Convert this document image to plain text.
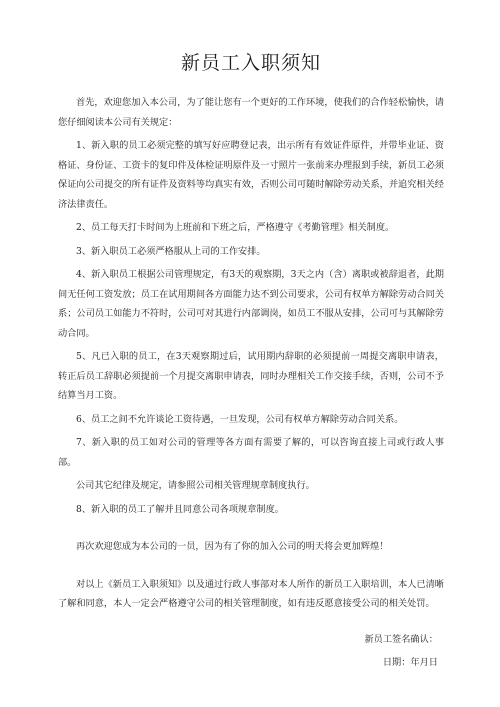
新员工入职须知

首先，欢迎您加入本公司，为了能让您有一个更好的工作环境，使我们的合作轻松愉快，请您仔细阅读本公司有关规定：

1、新入职的员工必须完整的填写好应聘登记表，出示所有有效证件原件，并带毕业证、资格证、身份证、工资卡的复印件及体检证明原件及一寸照片一张前来办理报到手续，新员工必须保证向公司提交的所有证件及资料等均真实有效，否则公司可随时解除劳动关系，并追究相关经济法律责任。

2、员工每天打卡时间为上班前和下班之后，严格遵守《考勤管理》相关制度。

3、新入职员工必须严格服从上司的工作安排。

4、新入职员工根据公司管理规定，有3天的观察期，3天之内（含）离职或被辞退者，此期间无任何工资发放；员工在试用期间各方面能力达不到公司要求，公司有权单方解除劳动合同关系；公司员工如能力不符时，公司可对其进行内部调岗，如员工不服从安排，公司可与其解除劳动合同。

5、凡已入职的员工，在3天观察期过后，试用期内辞职的必须提前一周提交离职申请表，转正后员工辞职必须提前一个月提交离职申请表，同时办理相关工作交接手续，否则，公司不予结算当月工资。

6、员工之间不允许谈论工资待遇，一旦发现，公司有权单方解除劳动合同关系。

7、新入职的员工如对公司的管理等各方面有需要了解的，可以咨询直接上司或行政人事部。

公司其它纪律及规定，请参照公司相关管理规章制度执行。

8、新入职的员工了解并且同意公司各项规章制度。

再次欢迎您成为本公司的一员，因为有了你的加入公司的明天将会更加辉煌！

对以上《新员工入职须知》以及通过行政人事部对本人所作的新员工入职培训，本人已清晰了解和同意，本人一定会严格遵守公司的相关管理制度，如有违反愿意接受公司的相关处罚。

新员工签名确认：
日期：年月日
